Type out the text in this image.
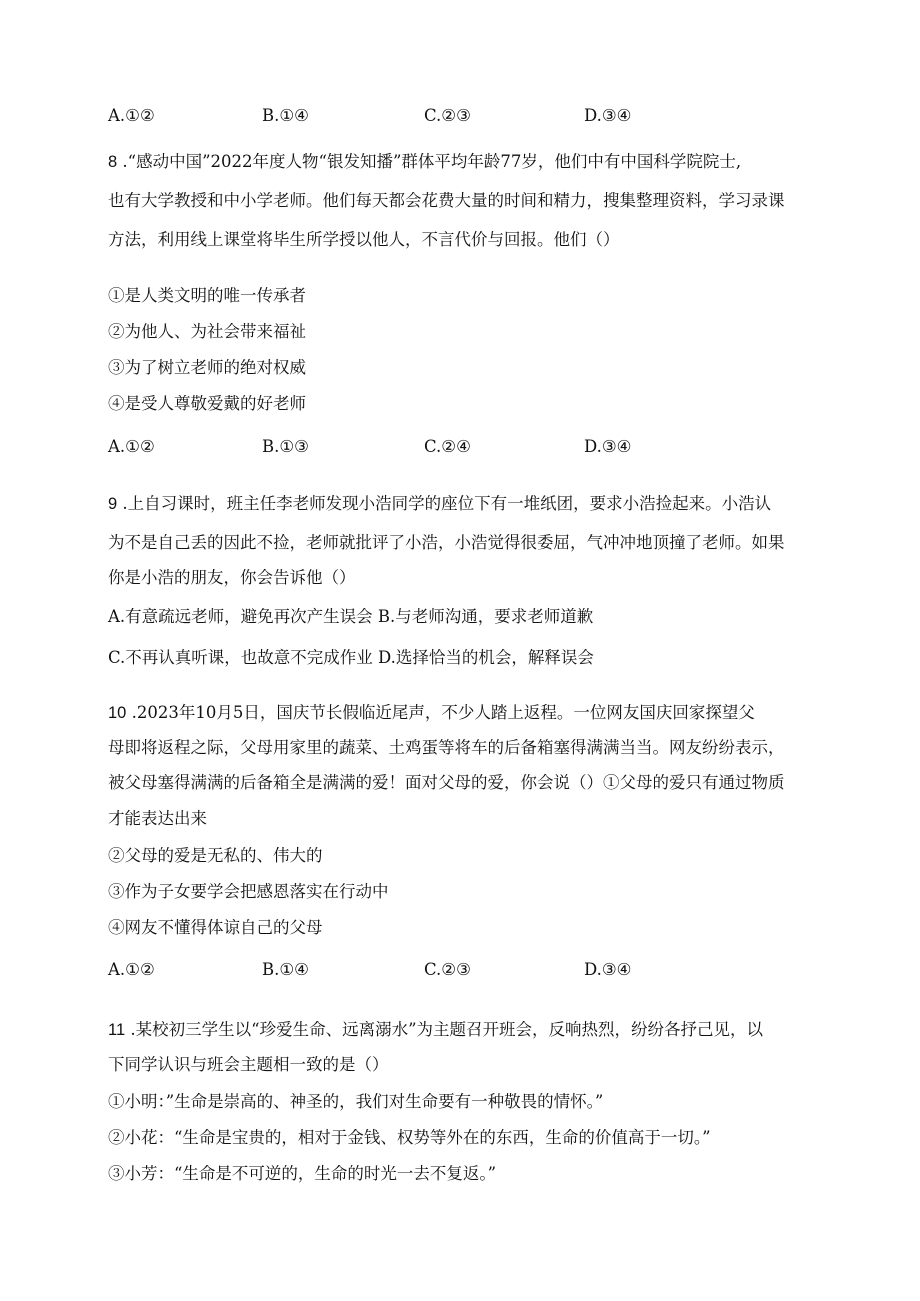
A.①②	B.①④	C.②③	D.③④
8 .“感动中国”2022年度人物“银发知播”群体平均年龄77岁，他们中有中国科学院院士,
也有大学教授和中小学老师。他们每天都会花费大量的时间和精力，搜集整理资料，学习录课
方法，利用线上课堂将毕生所学授以他人，不言代价与回报。他们（）
①是人类文明的唯一传承者
②为他人、为社会带来福祉
③为了树立老师的绝对权威
④是受人尊敬爱戴的好老师
A.①②	B.①③	C.②④	D.③④
9 .上自习课时，班主任李老师发现小浩同学的座位下有一堆纸团，要求小浩捡起来。小浩认
为不是自己丢的因此不捡，老师就批评了小浩，小浩觉得很委屈，气冲冲地顶撞了老师。如果
你是小浩的朋友，你会告诉他（）
A.有意疏远老师，避免再次产生误会 B.与老师沟通，要求老师道歉
C.不再认真听课，也故意不完成作业 D.选择恰当的机会，解释误会
10 .2023年10月5日，国庆节长假临近尾声，不少人踏上返程。一位网友国庆回家探望父
母即将返程之际，父母用家里的蔬菜、土鸡蛋等将车的后备箱塞得满满当当。网友纷纷表示，
被父母塞得满满的后备箱全是满满的爱！面对父母的爱，你会说（）①父母的爱只有通过物质
才能表达出来
②父母的爱是无私的、伟大的
③作为子女要学会把感恩落实在行动中
④网友不懂得体谅自己的父母
A.①②	B.①④	C.②③	D.③④
11 .某校初三学生以“珍爱生命、远离溺水”为主题召开班会，反响热烈，纷纷各抒己见，以
下同学认识与班会主题相一致的是（）
①小明：”生命是崇高的、神圣的，我们对生命要有一种敬畏的情怀。”
②小花：“生命是宝贵的，相对于金钱、权势等外在的东西，生命的价值高于一切。”
③小芳：“生命是不可逆的，生命的时光一去不复返。”
